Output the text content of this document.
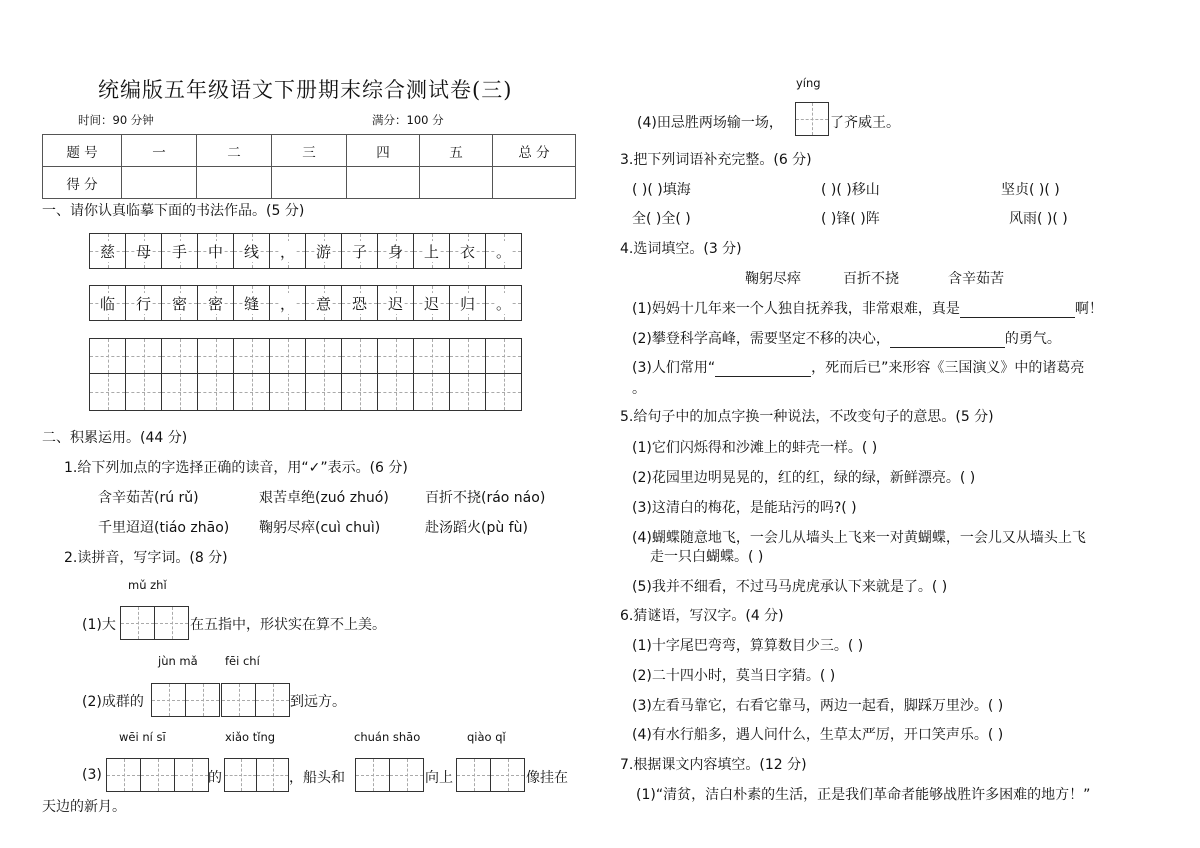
统编版五年级语文下册期末综合测试卷(三)
时间：90 分钟	满分：100 分
题 号	一	二	三	四	五	总 分
得 分						
一、请你认真临摹下面的书法作品。(5 分)
慈 母 手 中 线 ， 游 子 身 上 衣 。
临 行 密 密 缝 ， 意 恐 迟 迟 归 。
二、积累运用。(44 分)
1.给下列加点的字选择正确的读音，用“✓”表示。(6 分)
含辛茹苦(rú rǔ)	艰苦卓绝(zuó zhuó)	百折不挠(ráo náo)
千里迢迢(tiáo zhāo) 鞠躬尽瘁(cuì chuì)	赴汤蹈火(pù fù)
2.读拼音，写字词。(8 分)
mǔ zhǐ
(1)大	在五指中，形状实在算不上美。
jùn mǎ fēi chí
(2)成群的	到远方。
wēi ní sī	xiǎo tǐng	chuán shāo	qiào qǐ
(3)	的	，船头和	向上	像挂在
天边的新月。
yíng
(4)田忌胜两场输一场，	了齐威王。
3.把下列词语补充完整。(6 分)
( )( )填海	( )( )移山	坚贞( )( )
全( )全( )	( )锋( )阵	风雨( )( )
4.选词填空。(3 分)
鞠躬尽瘁	百折不挠	含辛茹苦
(1)妈妈十几年来一个人独自抚养我，非常艰难，真是	啊！
(2)攀登科学高峰，需要坚定不移的决心，	的勇气。
(3)人们常用“	，死而后已”来形容《三国演义》中的诸葛亮
。
5.给句子中的加点字换一种说法，不改变句子的意思。(5 分)
(1)它们闪烁得和沙滩上的蚌壳一样。( )
(2)花园里边明晃晃的，红的红，绿的绿，新鲜漂亮。( )
(3)这清白的梅花，是能玷污的吗?( )
(4)蝴蝶随意地飞，一会儿从墙头上飞来一对黄蝴蝶，一会儿又从墙头上飞
走一只白蝴蝶。( )
(5)我并不细看，不过马马虎虎承认下来就是了。( )
6.猜谜语，写汉字。(4 分)
(1)十字尾巴弯弯，算算数目少三。( )
(2)二十四小时，莫当日字猜。( )
(3)左看马靠它，右看它靠马，两边一起看，脚踩万里沙。( )
(4)有水行船多，遇人问什么，生草太严厉，开口笑声乐。( )
7.根据课文内容填空。(12 分)
(1)“清贫，洁白朴素的生活，正是我们革命者能够战胜许多困难的地方！”
